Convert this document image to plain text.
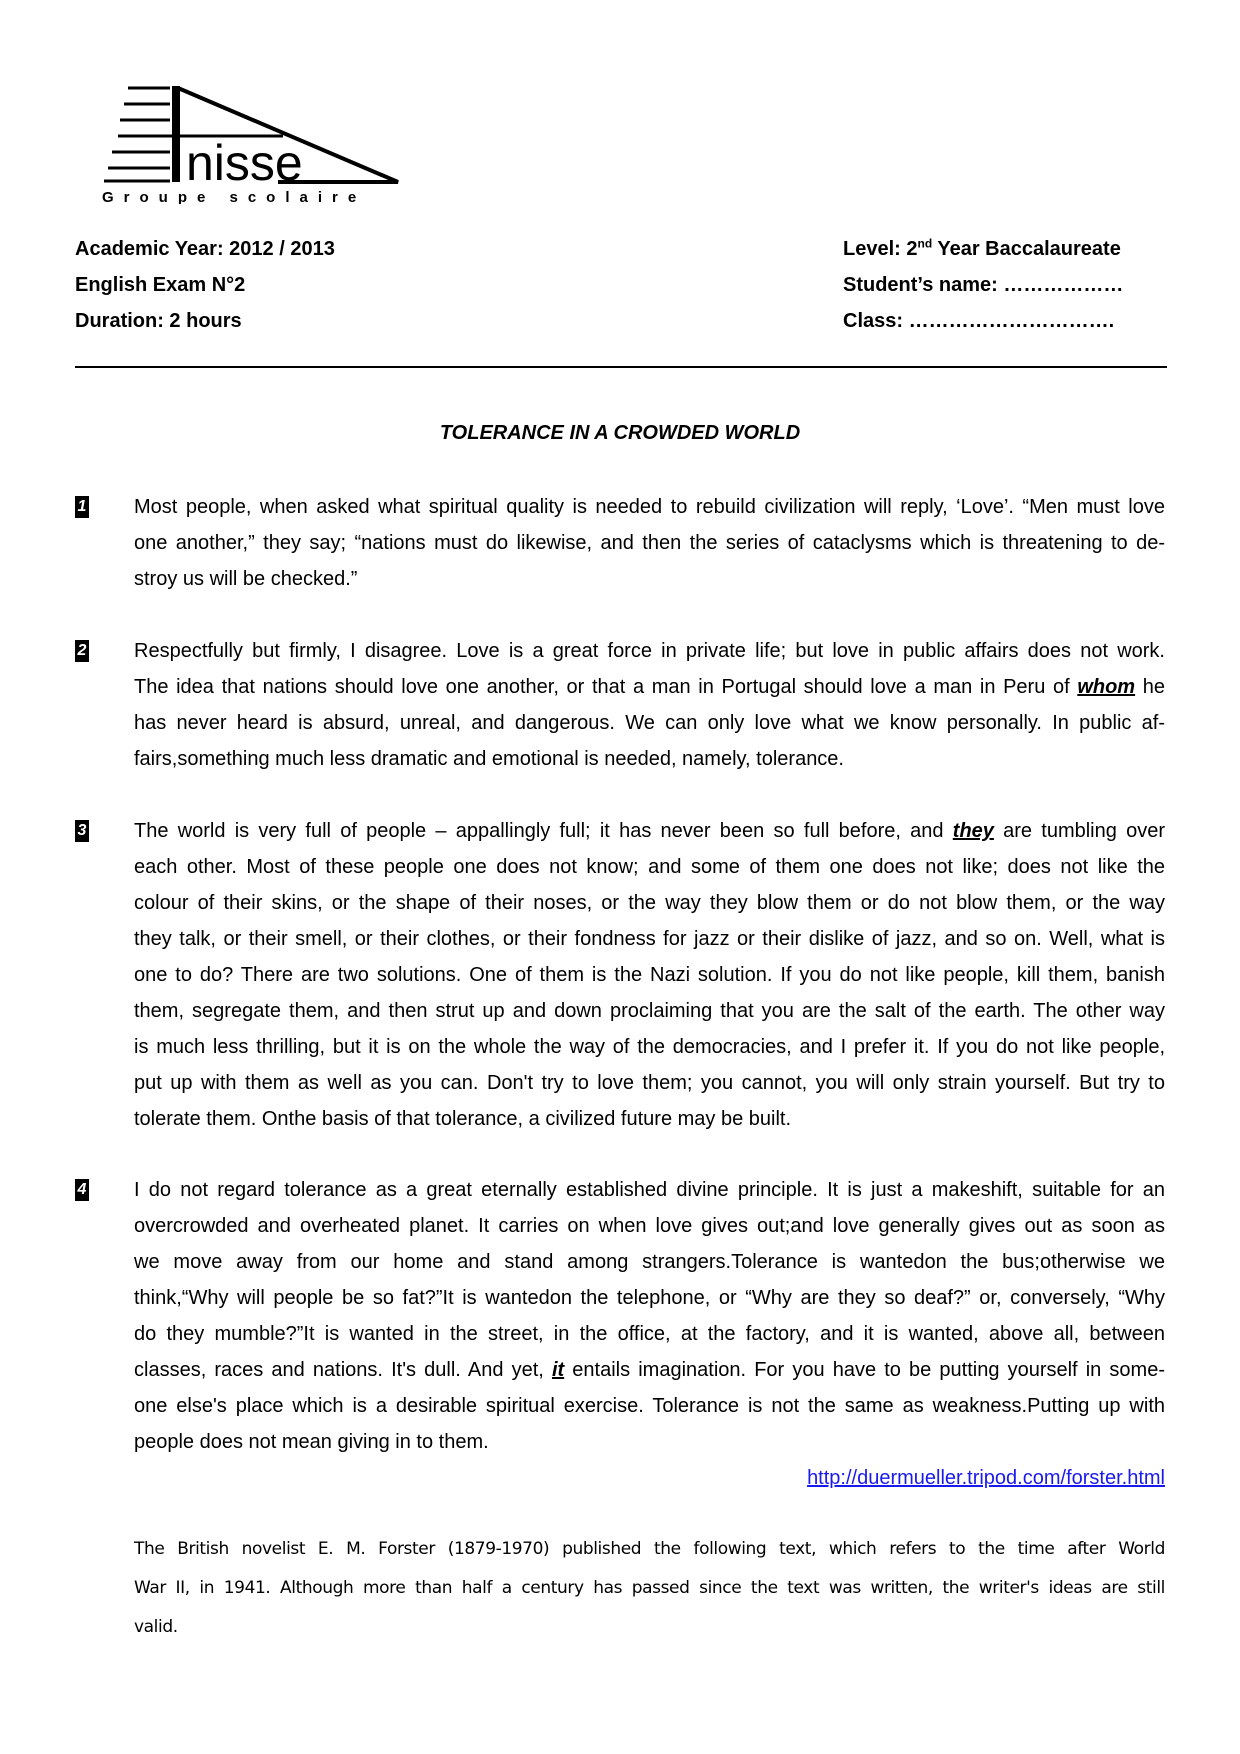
nisse
Groupe scolaire
Academic Year: 2012 / 2013
English Exam N°2
Duration: 2 hours
Level: 2nd Year Baccalaureate
Student’s name: ………………
Class: ………………………….
TOLERANCE IN A CROWDED WORLD
1 Most people, when asked what spiritual quality is needed to rebuild civilization will reply, ‘Love’. “Men must love
one another,” they say; “nations must do likewise, and then the series of cataclysms which is threatening to de-
stroy us will be checked.”
2 Respectfully but firmly, I disagree. Love is a great force in private life; but love in public affairs does not work.
The idea that nations should love one another, or that a man in Portugal should love a man in Peru of whom he
has never heard is absurd, unreal, and dangerous. We can only love what we know personally. In public af-
fairs,something much less dramatic and emotional is needed, namely, tolerance.
3 The world is very full of people – appallingly full; it has never been so full before, and they are tumbling over
each other. Most of these people one does not know; and some of them one does not like; does not like the
colour of their skins, or the shape of their noses, or the way they blow them or do not blow them, or the way
they talk, or their smell, or their clothes, or their fondness for jazz or their dislike of jazz, and so on. Well, what is
one to do? There are two solutions. One of them is the Nazi solution. If you do not like people, kill them, banish
them, segregate them, and then strut up and down proclaiming that you are the salt of the earth. The other way
is much less thrilling, but it is on the whole the way of the democracies, and I prefer it. If you do not like people,
put up with them as well as you can. Don't try to love them; you cannot, you will only strain yourself. But try to
tolerate them. Onthe basis of that tolerance, a civilized future may be built.
4 I do not regard tolerance as a great eternally established divine principle. It is just a makeshift, suitable for an
overcrowded and overheated planet. It carries on when love gives out;and love generally gives out as soon as
we move away from our home and stand among strangers.Tolerance is wantedon the bus;otherwise we
think,“Why will people be so fat?”It is wantedon the telephone, or “Why are they so deaf?” or, conversely, “Why
do they mumble?”It is wanted in the street, in the office, at the factory, and it is wanted, above all, between
classes, races and nations. It's dull. And yet, it entails imagination. For you have to be putting yourself in some-
one else's place which is a desirable spiritual exercise. Tolerance is not the same as weakness.Putting up with
people does not mean giving in to them.
http://duermueller.tripod.com/forster.html
The British novelist E. M. Forster (1879-1970) published the following text, which refers to the time after World
War II, in 1941. Although more than half a century has passed since the text was written, the writer's ideas are still
valid.
